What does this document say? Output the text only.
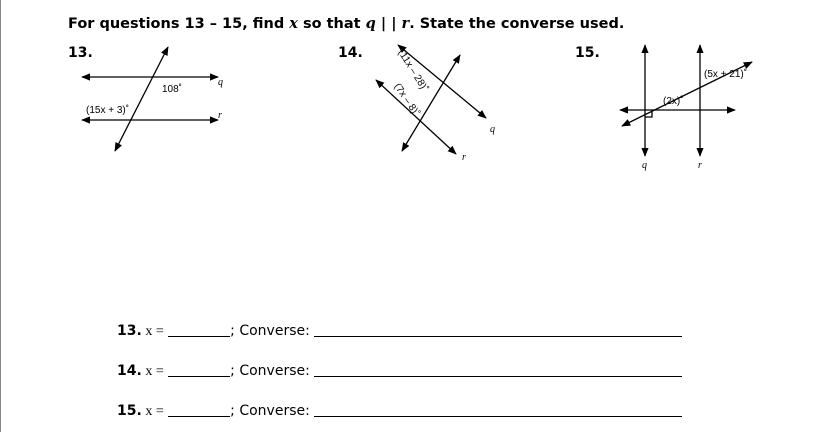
For questions 13 – 15, find x so that q | | r. State the converse used.
13.	14.	15.
108˚
(15x + 3)˚
q
r
(11x – 28)˚
(7x – 8)˚
q
r
(5x + 21)˚
(2x)˚
q	r
13. x =	; Converse:
14. x =	; Converse:
15. x =	; Converse:
